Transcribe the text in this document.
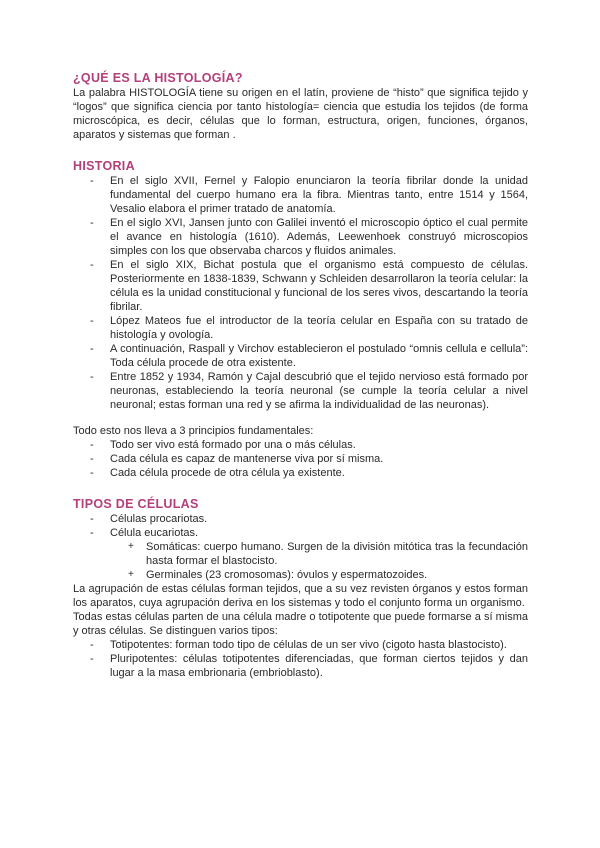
¿QUÉ ES LA HISTOLOGÍA?

La palabra HISTOLOGÍA tiene su origen en el latín, proviene de “histo” que significa tejido y “logos” que significa ciencia por tanto histología= ciencia que estudia los tejidos (de forma microscópica, es decir, células que lo forman, estructura, origen, funciones, órganos, aparatos y sistemas que forman .

HISTORIA
- En el siglo XVII, Fernel y Falopio enunciaron la teoría fibrilar donde la unidad fundamental del cuerpo humano era la fibra. Mientras tanto, entre 1514 y 1564, Vesalio elabora el primer tratado de anatomía.
- En el siglo XVI, Jansen junto con Galilei inventó el microscopio óptico el cual permite el avance en histología (1610). Además, Leewenhoek construyó microscopios simples con los que observaba charcos y fluidos animales.
- En el siglo XIX, Bichat postula que el organismo está compuesto de células. Posteriormente en 1838-1839, Schwann y Schleiden desarrollaron la teoría celular: la célula es la unidad constitucional y funcional de los seres vivos, descartando la teoría fibrilar.
- López Mateos fue el introductor de la teoría celular en España con su tratado de histología y ovología.
- A continuación, Raspall y Virchov establecieron el postulado “omnis cellula e cellula”: Toda célula procede de otra existente.
- Entre 1852 y 1934, Ramón y Cajal descubrió que el tejido nervioso está formado por neuronas, estableciendo la teoría neuronal (se cumple la teoría celular a nivel neuronal; estas forman una red y se afirma la individualidad de las neuronas).

Todo esto nos lleva a 3 principios fundamentales:

- Todo ser vivo está formado por una o más células.
- Cada célula es capaz de mantenerse viva por sí misma.
- Cada célula procede de otra célula ya existente.
TIPOS DE CÉLULAS
- Células procariotas.
- Célula eucariotas.
+ Somáticas: cuerpo humano. Surgen de la división mitótica tras la fecundación hasta formar el blastocisto.
+ Germinales (23 cromosomas): óvulos y espermatozoides.

La agrupación de estas células forman tejidos, que a su vez revisten órganos y estos forman los aparatos, cuya agrupación deriva en los sistemas y todo el conjunto forma un organismo.

Todas estas células parten de una célula madre o totipotente que puede formarse a sí misma y otras células. Se distinguen varios tipos:

- Totipotentes: forman todo tipo de células de un ser vivo (cigoto hasta blastocisto).
- Pluripotentes: células totipotentes diferenciadas, que forman ciertos tejidos y dan lugar a la masa embrionaria (embrioblasto).
